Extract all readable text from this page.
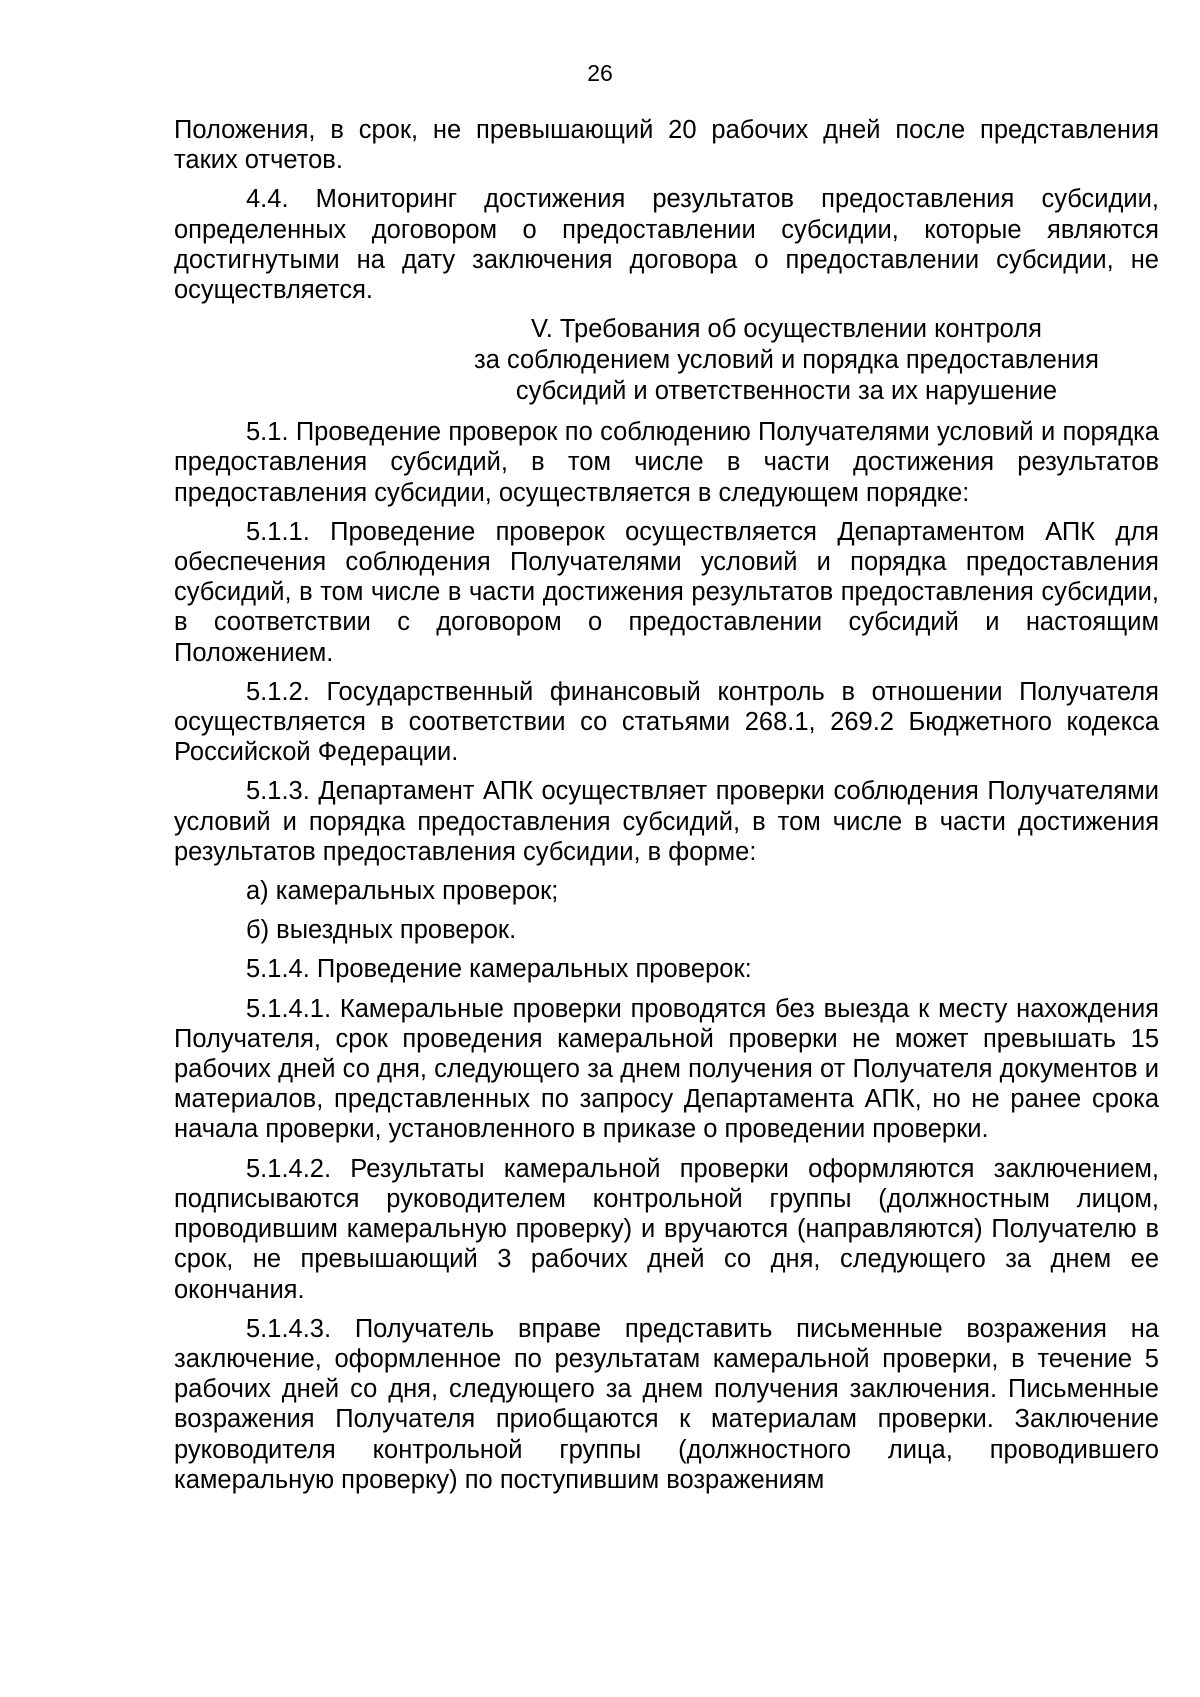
26

Положения, в срок, не превышающий 20 рабочих дней после представления таких отчетов.

4.4. Мониторинг достижения результатов предоставления субсидии, определенных договором о предоставлении субсидии, которые являются достигнутыми на дату заключения договора о предоставлении субсидии, не осуществляется.

V. Требования об осуществлении контроля
за соблюдением условий и порядка предоставления
субсидий и ответственности за их нарушение

5.1. Проведение проверок по соблюдению Получателями условий и порядка предоставления субсидий, в том числе в части достижения результатов предоставления субсидии, осуществляется в следующем порядке:

5.1.1. Проведение проверок осуществляется Департаментом АПК для обеспечения соблюдения Получателями условий и порядка предоставления субсидий, в том числе в части достижения результатов предоставления субсидии, в соответствии с договором о предоставлении субсидий и настоящим Положением.

5.1.2. Государственный финансовый контроль в отношении Получателя осуществляется в соответствии со статьями 268.1, 269.2 Бюджетного кодекса Российской Федерации.

5.1.3. Департамент АПК осуществляет проверки соблюдения Получателями условий и порядка предоставления субсидий, в том числе в части достижения результатов предоставления субсидии, в форме:

а) камеральных проверок;

б) выездных проверок.

5.1.4. Проведение камеральных проверок:

5.1.4.1. Камеральные проверки проводятся без выезда к месту нахождения Получателя, срок проведения камеральной проверки не может превышать 15 рабочих дней со дня, следующего за днем получения от Получателя документов и материалов, представленных по запросу Департамента АПК, но не ранее срока начала проверки, установленного в приказе о проведении проверки.

5.1.4.2. Результаты камеральной проверки оформляются заключением, подписываются руководителем контрольной группы (должностным лицом, проводившим камеральную проверку) и вручаются (направляются) Получателю в срок, не превышающий 3 рабочих дней со дня, следующего за днем ее окончания.

5.1.4.3. Получатель вправе представить письменные возражения на заключение, оформленное по результатам камеральной проверки, в течение 5 рабочих дней со дня, следующего за днем получения заключения. Письменные возражения Получателя приобщаются к материалам проверки. Заключение руководителя контрольной группы (должностного лица, проводившего камеральную проверку) по поступившим возражениям
